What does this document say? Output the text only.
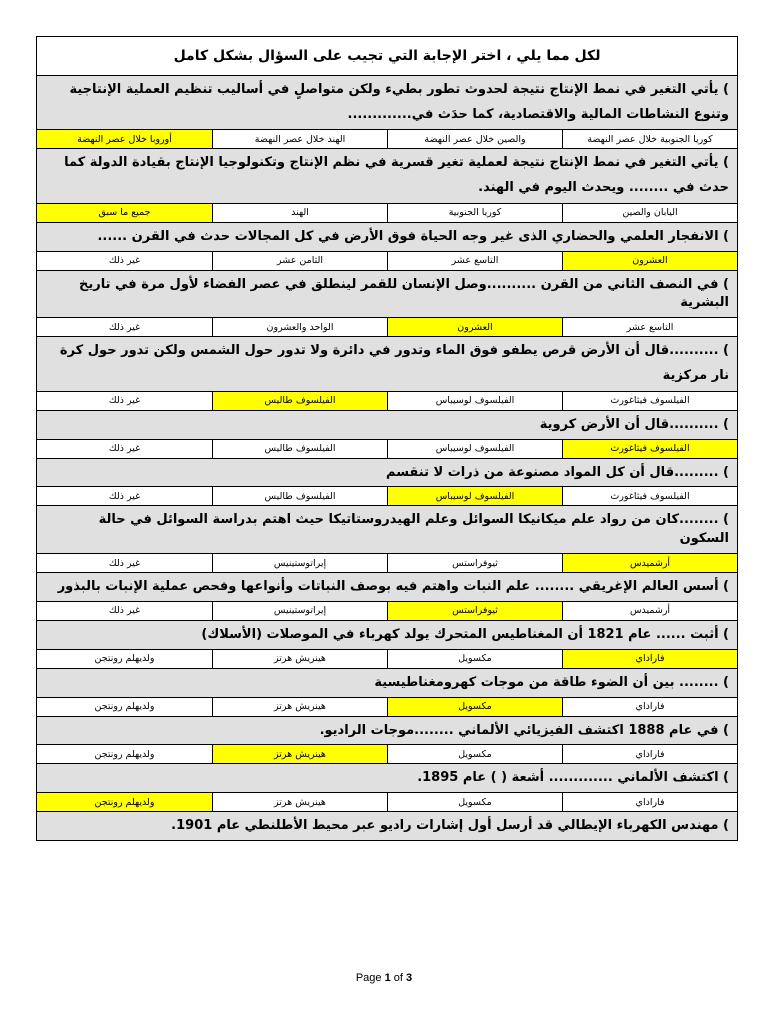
لكل مما يلي ، اختر الإجابة التي تجيب على السؤال بشكل كامل
) يأتي التغير في نمط الإنتاج نتيجة لحدوث تطور بطيء ولكن متواصلٍ في أساليب تنظيم العملية الإنتاجية وتنوع النشاطات المالية والاقتصادية، كما حدَث في.............
كوريا الجنوبية خلال عصر النهضة
والصين خلال عصر النهضة
الهند خلال عصر النهضة
أوروبا خلال عصر النهضة
) يأتي التغير في نمط الإنتاج نتيجة لعملية تغير قسرية في نظم الإنتاج وتكنولوجيا الإنتاج بقيادة الدولة كما حدث في ........ ويحدث اليوم في الهند.
اليابان والصين
كوريا الجنوبية
الهند
جميع ما سبق
) الانفجار العلمي والحضاري الذى غير وجه الحياة فوق الأرض في كل المجالات حدث في القرن ......
العشرون
التاسع عشر
الثامن عشر
غير ذلك
) في النصف الثاني من القرن ..........وصل الإنسان للقمر لينطلق في عصر الفضاء لأول مرة في تاريخ البشرية
التاسع عشر
العشرون
الواحد والعشرون
غير ذلك
) ..........قال أن الأرض قرص يطفو فوق الماء وتدور في دائرة ولا تدور حول الشمس ولكن تدور حول كرة نار مركزية
الفيلسوف فيثاغورث
الفيلسوف لوسيباس
الفيلسوف طاليس
غير ذلك
) ..........قال أن الأرض كروية
الفيلسوف فيثاغورث
الفيلسوف لوسيباس
الفيلسوف طاليس
غير ذلك
) .........قال أن كل المواد مصنوعة من ذرات لا تنقسم
الفيلسوف فيثاغورث
الفيلسوف لوسيباس
الفيلسوف طاليس
غير ذلك
) ........كان من رواد علم ميكانيكا السوائل وعلم الهيدروستاتيكا حيث اهتم بدراسة السوائل في حالة السكون
أرشميدس
ثيوفراستس
إيراتوستينيس
غير ذلك
) أسس العالم الإغريقي ........ علم النبات واهتم فيه بوصف النباتات وأنواعها وفحص عملية الإنبات بالبذور
أرشميدس
ثيوفراستس
إيراتوستينيس
غير ذلك
) أثبت ...... عام 1821 أن المغناطيس المتحرك يولد كهرباء في الموصلات (الأسلاك)
فاراداي
مكسويل
هينريش هرتز
ولديهلم رونتجن
) ........ بين أن الضوء طاقة من موجات كهرومغناطيسية
فاراداي
مكسويل
هينريش هرتز
ولديهلم رونتجن
) في عام 1888 اكتشف الفيزيائي الألماني ........موجات الراديو.
فاراداي
مكسويل
هينريش هرتز
ولديهلم رونتجن
) اكتشف الألماني ............. أشعة ( ) عام 1895.
فاراداي
مكسويل
هينريش هرتز
ولديهلم رونتجن
) مهندس الكهرباء الإيطالي قد أرسل أول إشارات راديو عبر محيط الأطلنطي عام 1901.
Page 1 of 3
